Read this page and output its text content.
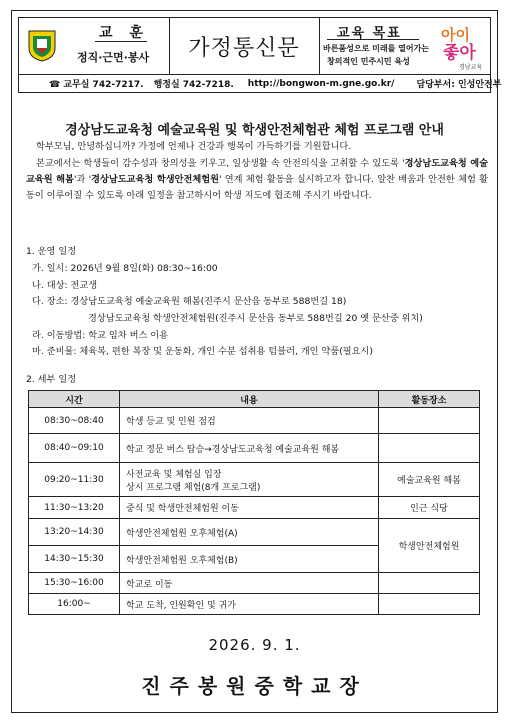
교 훈
정직·근면·봉사	가정통신문
교육 목표
바른품성으로 미래를 열어가는
창의적인 민주시민 육성
아이
좋아
경남교육
☎ 교무실 742-7217. 행정실 742-7218. http://bongwon-m.gne.go.kr/ 담당부서: 인성안전부
경상남도교육청 예술교육원 및 학생안전체험관 체험 프로그램 안내
학부모님, 안녕하십니까? 가정에 언제나 건강과 행복이 가득하기를 기원합니다.
본교에서는 학생들이 감수성과 창의성을 키우고, 일상생활 속 안전의식을 고취할 수 있도록 '경상남도교육청 예술교육원 해봄'과 '경상남도교육청 학생안전체험원' 연계 체험 활동을 실시하고자 합니다. 알찬 배움과 안전한 체험 활동이 이루어질 수 있도록 아래 일정을 참고하시어 학생 지도에 협조해 주시기 바랍니다.
1. 운영 일정
가. 일시: 2026년 9월 8일(화) 08:30~16:00
나. 대상: 전교생
다. 장소: 경상남도교육청 예술교육원 해봄(진주시 문산읍 동부로 588번길 18)
경상남도교육청 학생안전체험원(진주시 문산읍 동부로 588번길 20 옛 문산중 위치)
라. 이동방법: 학교 임차 버스 이용
마. 준비물: 체육복, 편한 복장 및 운동화, 개인 수분 섭취용 텀블러, 개인 약품(필요시)
2. 세부 일정
시간	내용	활동장소
08:30~08:40	학생 등교 및 인원 점검	
08:40~09:10	학교 정문 버스 탑승→경상남도교육청 예술교육원 해봄	
09:20~11:30	사전교육 및 체험실 입장
상시 프로그램 체험(8개 프로그램)	예술교육원 해봄
11:30~13:20	중식 및 학생안전체험원 이동	인근 식당
13:20~14:30	학생안전체험원 오후체험(A)	학생안전체험원
14:30~15:30	학생안전체험원 오후체험(B)	
15:30~16:00	학교로 이동	
16:00~	학교 도착, 인원확인 및 귀가	
2026. 9. 1.
진주봉원중학교장
